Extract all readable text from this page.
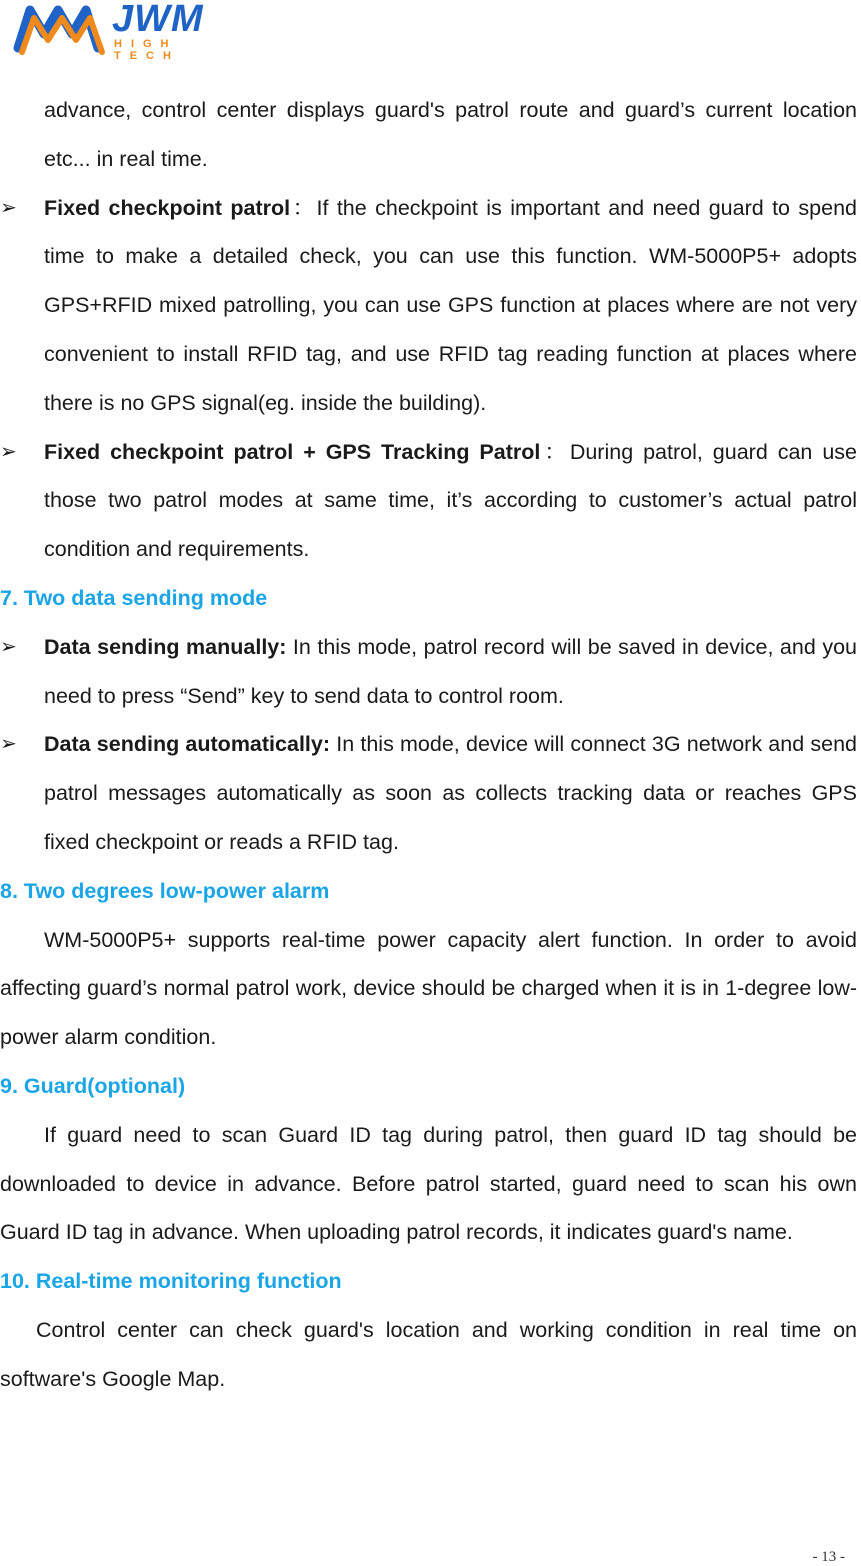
JWM
HIGH TECH

advance, control center displays guard's patrol route and guard’s current location etc... in real time.

➢ Fixed checkpoint patrol：If the checkpoint is important and need guard to spend time to make a detailed check, you can use this function. WM-5000P5+ adopts GPS+RFID mixed patrolling, you can use GPS function at places where are not very convenient to install RFID tag, and use RFID tag reading function at places where there is no GPS signal(eg. inside the building).

➢ Fixed checkpoint patrol + GPS Tracking Patrol：During patrol, guard can use those two patrol modes at same time, it’s according to customer’s actual patrol condition and requirements.

7. Two data sending mode

➢ Data sending manually: In this mode, patrol record will be saved in device, and you need to press “Send” key to send data to control room.

➢ Data sending automatically: In this mode, device will connect 3G network and send patrol messages automatically as soon as collects tracking data or reaches GPS fixed checkpoint or reads a RFID tag.

8. Two degrees low-power alarm

WM-5000P5+ supports real-time power capacity alert function. In order to avoid affecting guard’s normal patrol work, device should be charged when it is in 1-degree low-power alarm condition.

9. Guard(optional)

If guard need to scan Guard ID tag during patrol, then guard ID tag should be downloaded to device in advance. Before patrol started, guard need to scan his own Guard ID tag in advance. When uploading patrol records, it indicates guard's name.

10. Real-time monitoring function

Control center can check guard's location and working condition in real time on software's Google Map.

- 13 -
